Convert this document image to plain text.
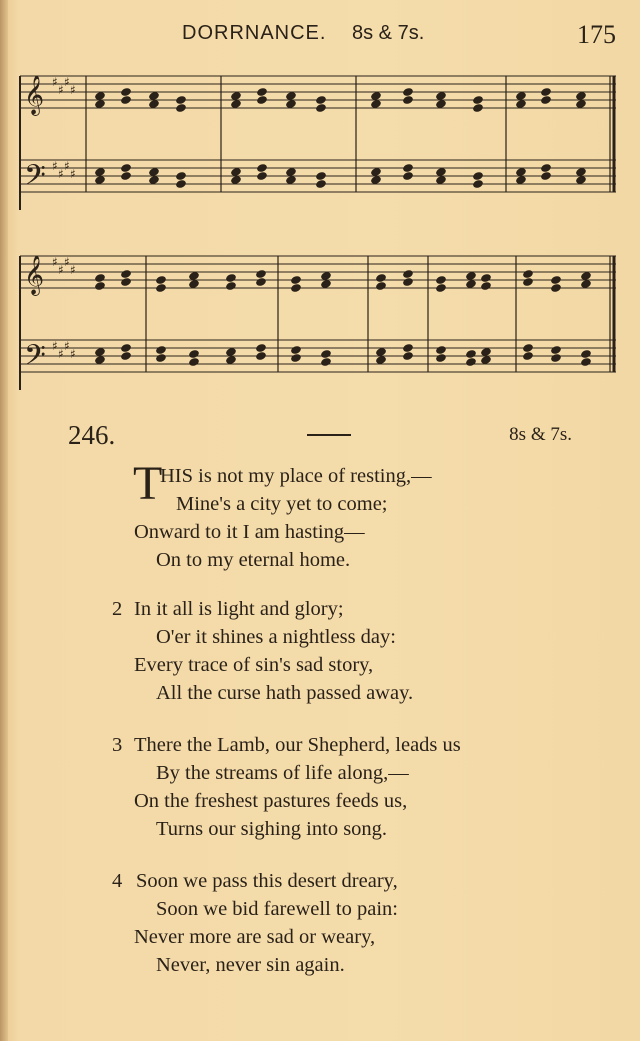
DORRNANCE. 8s & 7s.	175
𝄞
𝄢
𝄞
𝄢
♯
♯
♯
♯
♯
♯
♯
♯
♯
♯
♯
♯
♯
♯
♯
♯
246.	8s & 7s.
T
HIS is not my place of resting,—
Mine's a city yet to come;
Onward to it I am hasting—
On to my eternal home.
2 In it all is light and glory;
O'er it shines a nightless day:
Every trace of sin's sad story,
All the curse hath passed away.
3 There the Lamb, our Shepherd, leads us
By the streams of life along,—
On the freshest pastures feeds us,
Turns our sighing into song.
4 Soon we pass this desert dreary,
Soon we bid farewell to pain:
Never more are sad or weary,
Never, never sin again.
